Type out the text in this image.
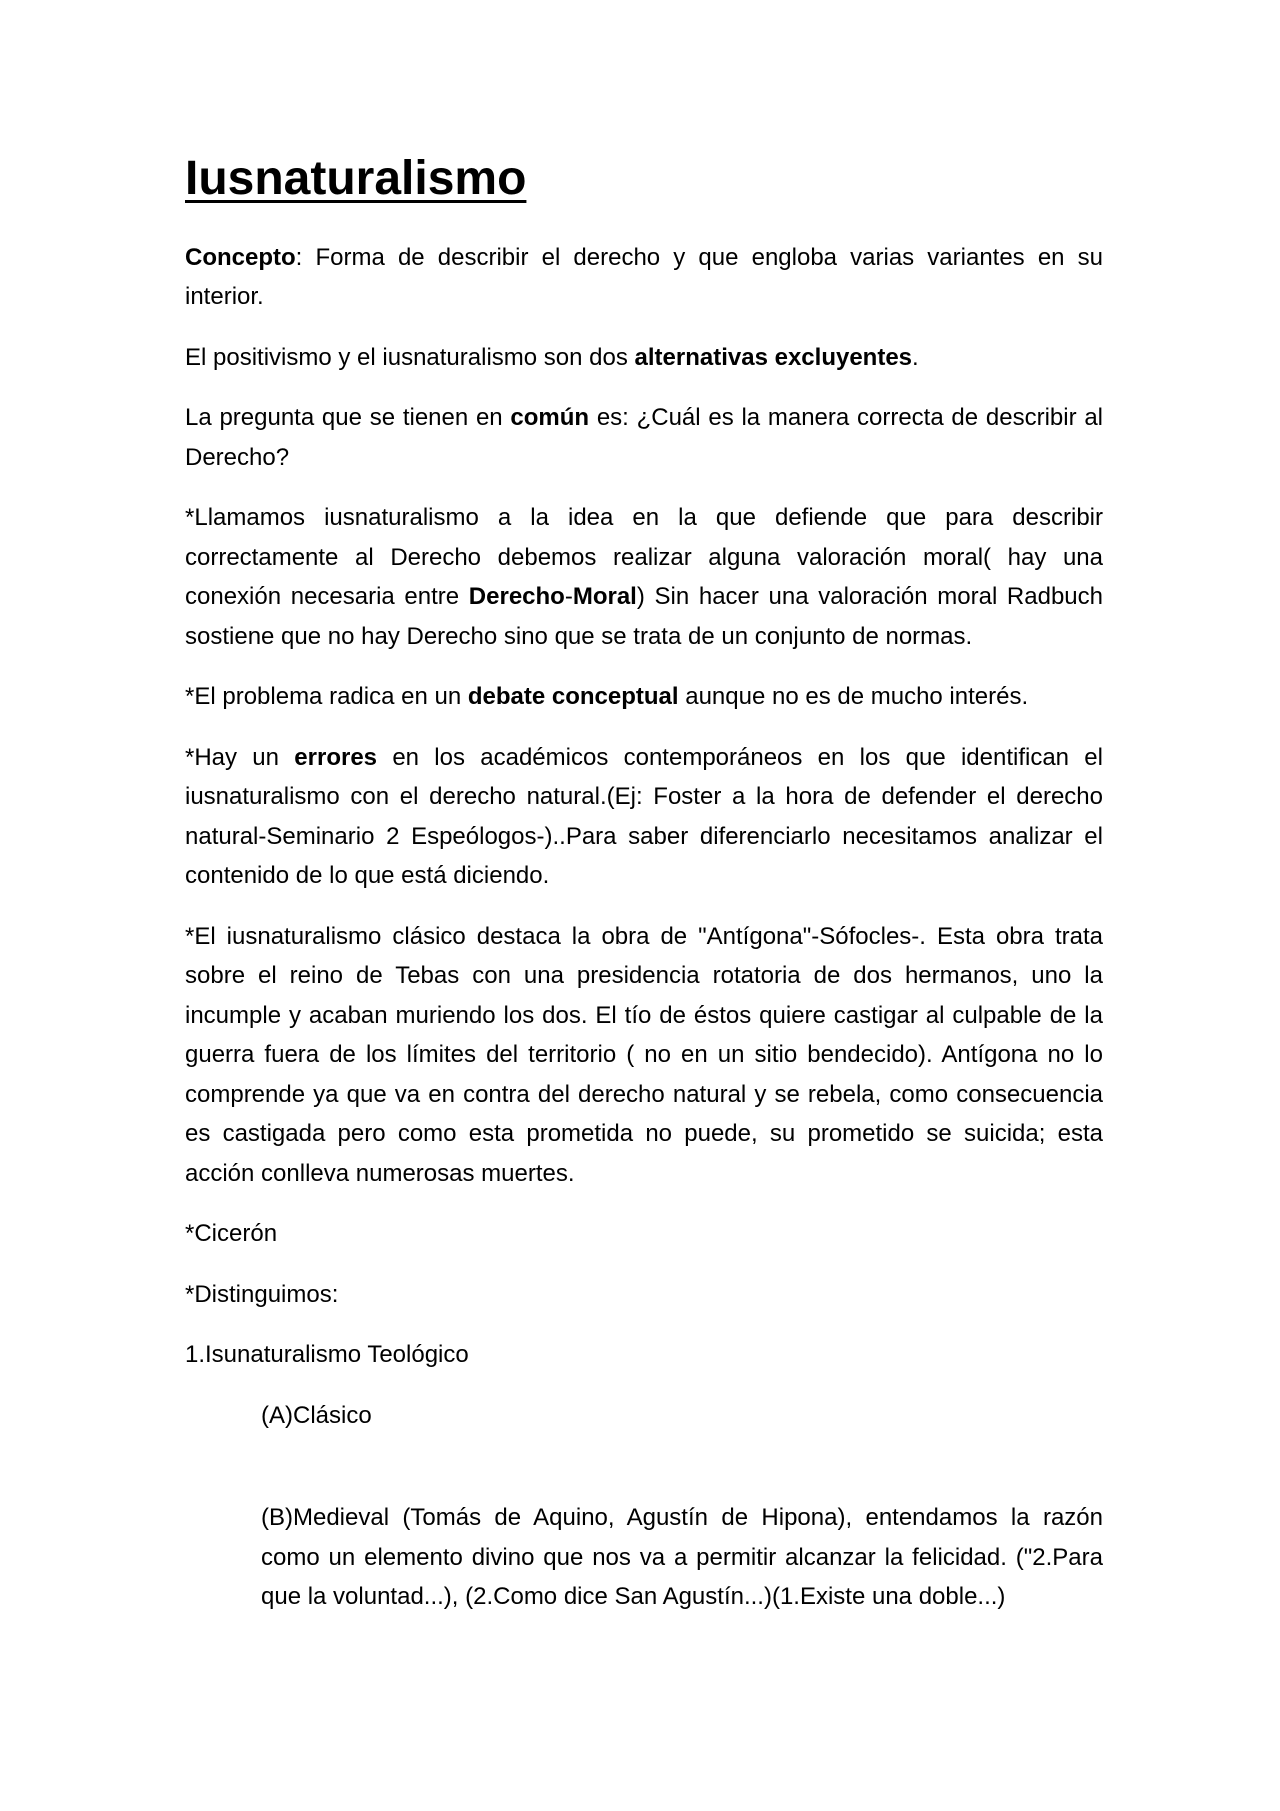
Iusnaturalismo

Concepto: Forma de describir el derecho y que engloba varias variantes en su interior.

El positivismo y el iusnaturalismo son dos alternativas excluyentes.

La pregunta que se tienen en común es: ¿Cuál es la manera correcta de describir al Derecho?

*Llamamos iusnaturalismo a la idea en la que defiende que para describir correctamente al Derecho debemos realizar alguna valoración moral( hay una conexión necesaria entre Derecho-Moral) Sin hacer una valoración moral Radbuch sostiene que no hay Derecho sino que se trata de un conjunto de normas.

*El problema radica en un debate conceptual aunque no es de mucho interés.

*Hay un errores en los académicos contemporáneos en los que identifican el iusnaturalismo con el derecho natural.(Ej: Foster a la hora de defender el derecho natural-Seminario 2 Espeólogos-)..Para saber diferenciarlo necesitamos analizar el contenido de lo que está diciendo.

*El iusnaturalismo clásico destaca la obra de "Antígona"-Sófocles-. Esta obra trata sobre el reino de Tebas con una presidencia rotatoria de dos hermanos, uno la incumple y acaban muriendo los dos. El tío de éstos quiere castigar al culpable de la guerra fuera de los límites del territorio ( no en un sitio bendecido). Antígona no lo comprende ya que va en contra del derecho natural y se rebela, como consecuencia es castigada pero como esta prometida no puede, su prometido se suicida; esta acción conlleva numerosas muertes.

*Cicerón

*Distinguimos:

1.Isunaturalismo Teológico

(A)Clásico

(B)Medieval (Tomás de Aquino, Agustín de Hipona), entendamos la razón como un elemento divino que nos va a permitir alcanzar la felicidad. ("2.Para que la voluntad...), (2.Como dice San Agustín...)(1.Existe una doble...)
